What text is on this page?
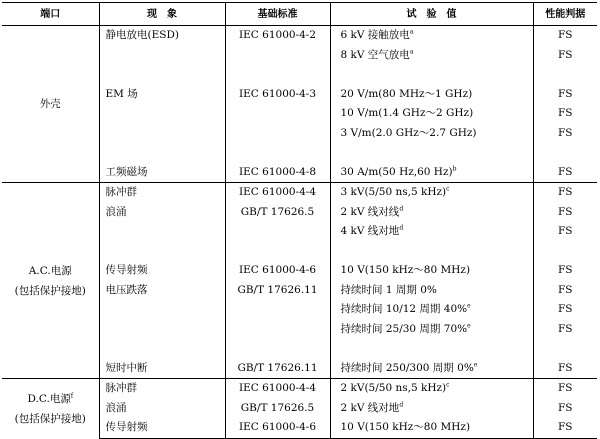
端口	现　象	基础标准	试　验　值	性能判据

外壳	静电放电(ESD)	IEC 61000-4-2	6 kV 接触放电$^a$	FS
			8 kV 空气放电$^a$	FS

	EM 场	IEC 61000-4-3	20 V/m(80 MHz～1 GHz)	FS
			10 V/m(1.4 GHz～2 GHz)	FS
			3 V/m(2.0 GHz～2.7 GHz)	FS

	工频磁场	IEC 61000-4-8	30 A/m(50 Hz,60 Hz)$^b$	FS

A.C.电源
(包括保护接地)	脉冲群	IEC 61000-4-4	3 kV(5/50 ns,5 kHz)$^c$	FS
	浪涌	GB/T 17626.5	2 kV 线对线$^d$	FS
			4 kV 线对地$^d$	FS

	传导射频	IEC 61000-4-6	10 V(150 kHz～80 MHz)	FS
	电压跌落	GB/T 17626.11	持续时间 1 周期 0%	FS
			持续时间 10/12 周期 40%$^e$	FS
			持续时间 25/30 周期 70%$^e$	FS

	短时中断	GB/T 17626.11	持续时间 250/300 周期 0%$^e$	FS

D.C.电源$^f$
(包括保护接地)	脉冲群	IEC 61000-4-4	2 kV(5/50 ns,5 kHz)$^c$	FS
	浪涌	GB/T 17626.5	2 kV 线对地$^d$	FS
	传导射频	IEC 61000-4-6	10 V(150 kHz～80 MHz)	FS
